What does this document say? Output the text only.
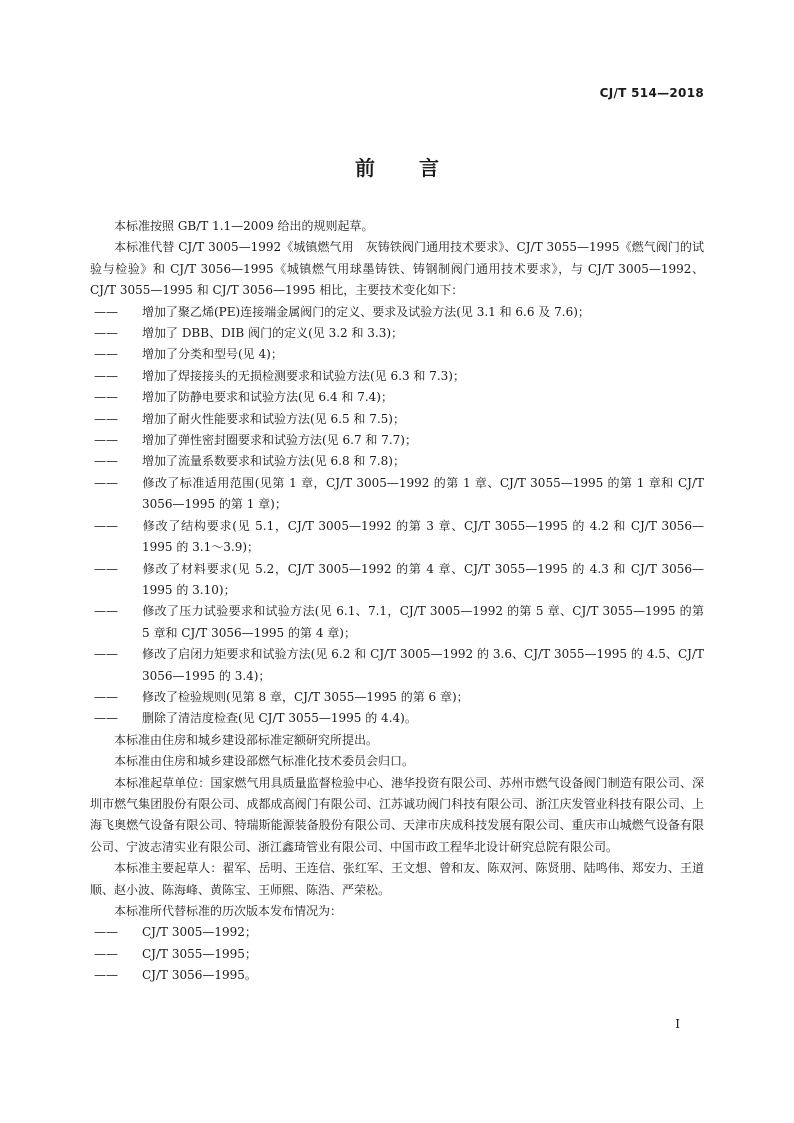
CJ/T 514—2018
前言

本标准按照 GB/T 1.1—2009 给出的规则起草。

本标准代替 CJ/T 3005—1992《城镇燃气用　灰铸铁阀门通用技术要求》、CJ/T 3055—1995《燃气阀门的试验与检验》和 CJ/T 3056—1995《城镇燃气用球墨铸铁、铸钢制阀门通用技术要求》，与 CJ/T 3005—1992、CJ/T 3055—1995 和 CJ/T 3056—1995 相比，主要技术变化如下：

—— 增加了聚乙烯(PE)连接端金属阀门的定义、要求及试验方法(见 3.1 和 6.6 及 7.6)；

—— 增加了 DBB、DIB 阀门的定义(见 3.2 和 3.3)；

—— 增加了分类和型号(见 4)；

—— 增加了焊接接头的无损检测要求和试验方法(见 6.3 和 7.3)；

—— 增加了防静电要求和试验方法(见 6.4 和 7.4)；

—— 增加了耐火性能要求和试验方法(见 6.5 和 7.5)；

—— 增加了弹性密封圈要求和试验方法(见 6.7 和 7.7)；

—— 增加了流量系数要求和试验方法(见 6.8 和 7.8)；

—— 修改了标准适用范围(见第 1 章，CJ/T 3005—1992 的第 1 章、CJ/T 3055—1995 的第 1 章和 CJ/T 3056—1995 的第 1 章)；

—— 修改了结构要求(见 5.1，CJ/T 3005—1992 的第 3 章、CJ/T 3055—1995 的 4.2 和 CJ/T 3056—1995 的 3.1～3.9)；

—— 修改了材料要求(见 5.2，CJ/T 3005—1992 的第 4 章、CJ/T 3055—1995 的 4.3 和 CJ/T 3056—1995 的 3.10)；

—— 修改了压力试验要求和试验方法(见 6.1、7.1，CJ/T 3005—1992 的第 5 章、CJ/T 3055—1995 的第 5 章和 CJ/T 3056—1995 的第 4 章)；

—— 修改了启闭力矩要求和试验方法(见 6.2 和 CJ/T 3005—1992 的 3.6、CJ/T 3055—1995 的 4.5、CJ/T 3056—1995 的 3.4)；

—— 修改了检验规则(见第 8 章，CJ/T 3055—1995 的第 6 章)；

—— 删除了清洁度检查(见 CJ/T 3055—1995 的 4.4)。

本标准由住房和城乡建设部标准定额研究所提出。

本标准由住房和城乡建设部燃气标准化技术委员会归口。

本标准起草单位：国家燃气用具质量监督检验中心、港华投资有限公司、苏州市燃气设备阀门制造有限公司、深圳市燃气集团股份有限公司、成都成高阀门有限公司、江苏诚功阀门科技有限公司、浙江庆发管业科技有限公司、上海飞奥燃气设备有限公司、特瑞斯能源装备股份有限公司、天津市庆成科技发展有限公司、重庆市山城燃气设备有限公司、宁波志清实业有限公司、浙江鑫琦管业有限公司、中国市政工程华北设计研究总院有限公司。

本标准主要起草人：翟军、岳明、王连信、张红军、王文想、曾和友、陈双河、陈贤朋、陆鸣伟、郑安力、王道顺、赵小波、陈海峰、黄陈宝、王师熙、陈浩、严荣松。

本标准所代替标准的历次版本发布情况为：

—— CJ/T 3005—1992；

—— CJ/T 3055—1995；

—— CJ/T 3056—1995。

I
